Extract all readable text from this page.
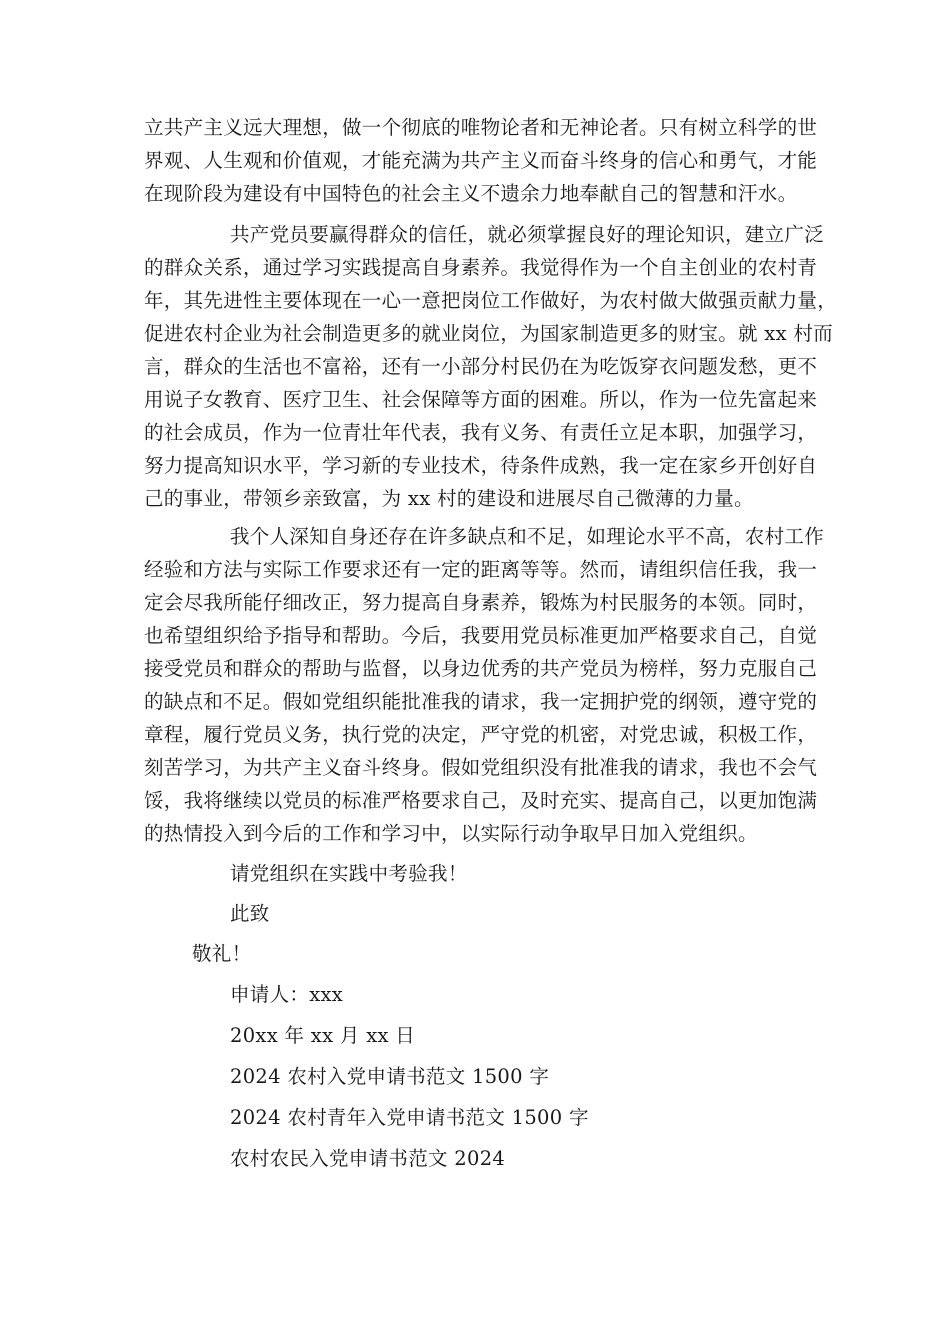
立共产主义远大理想，做一个彻底的唯物论者和无神论者。只有树立科学的世
界观、人生观和价值观，才能充满为共产主义而奋斗终身的信心和勇气，才能
在现阶段为建设有中国特色的社会主义不遗余力地奉献自己的智慧和汗水。
共产党员要赢得群众的信任，就必须掌握良好的理论知识，建立广泛
的群众关系，通过学习实践提高自身素养。我觉得作为一个自主创业的农村青
年，其先进性主要体现在一心一意把岗位工作做好，为农村做大做强贡献力量，
促进农村企业为社会制造更多的就业岗位，为国家制造更多的财宝。就 xx 村而
言，群众的生活也不富裕，还有一小部分村民仍在为吃饭穿衣问题发愁，更不
用说子女教育、医疗卫生、社会保障等方面的困难。所以，作为一位先富起来
的社会成员，作为一位青壮年代表，我有义务、有责任立足本职，加强学习，
努力提高知识水平，学习新的专业技术，待条件成熟，我一定在家乡开创好自
己的事业，带领乡亲致富，为 xx 村的建设和进展尽自己微薄的力量。
我个人深知自身还存在许多缺点和不足，如理论水平不高，农村工作
经验和方法与实际工作要求还有一定的距离等等。然而，请组织信任我，我一
定会尽我所能仔细改正，努力提高自身素养，锻炼为村民服务的本领。同时，
也希望组织给予指导和帮助。今后，我要用党员标准更加严格要求自己，自觉
接受党员和群众的帮助与监督，以身边优秀的共产党员为榜样，努力克服自己
的缺点和不足。假如党组织能批准我的请求，我一定拥护党的纲领，遵守党的
章程，履行党员义务，执行党的决定，严守党的机密，对党忠诚，积极工作，
刻苦学习，为共产主义奋斗终身。假如党组织没有批准我的请求，我也不会气
馁，我将继续以党员的标准严格要求自己，及时充实、提高自己，以更加饱满
的热情投入到今后的工作和学习中，以实际行动争取早日加入党组织。
请党组织在实践中考验我！
此致
敬礼！
申请人：xxx
20xx 年 xx 月 xx 日
2024 农村入党申请书范文 1500 字
2024 农村青年入党申请书范文 1500 字
农村农民入党申请书范文 2024
